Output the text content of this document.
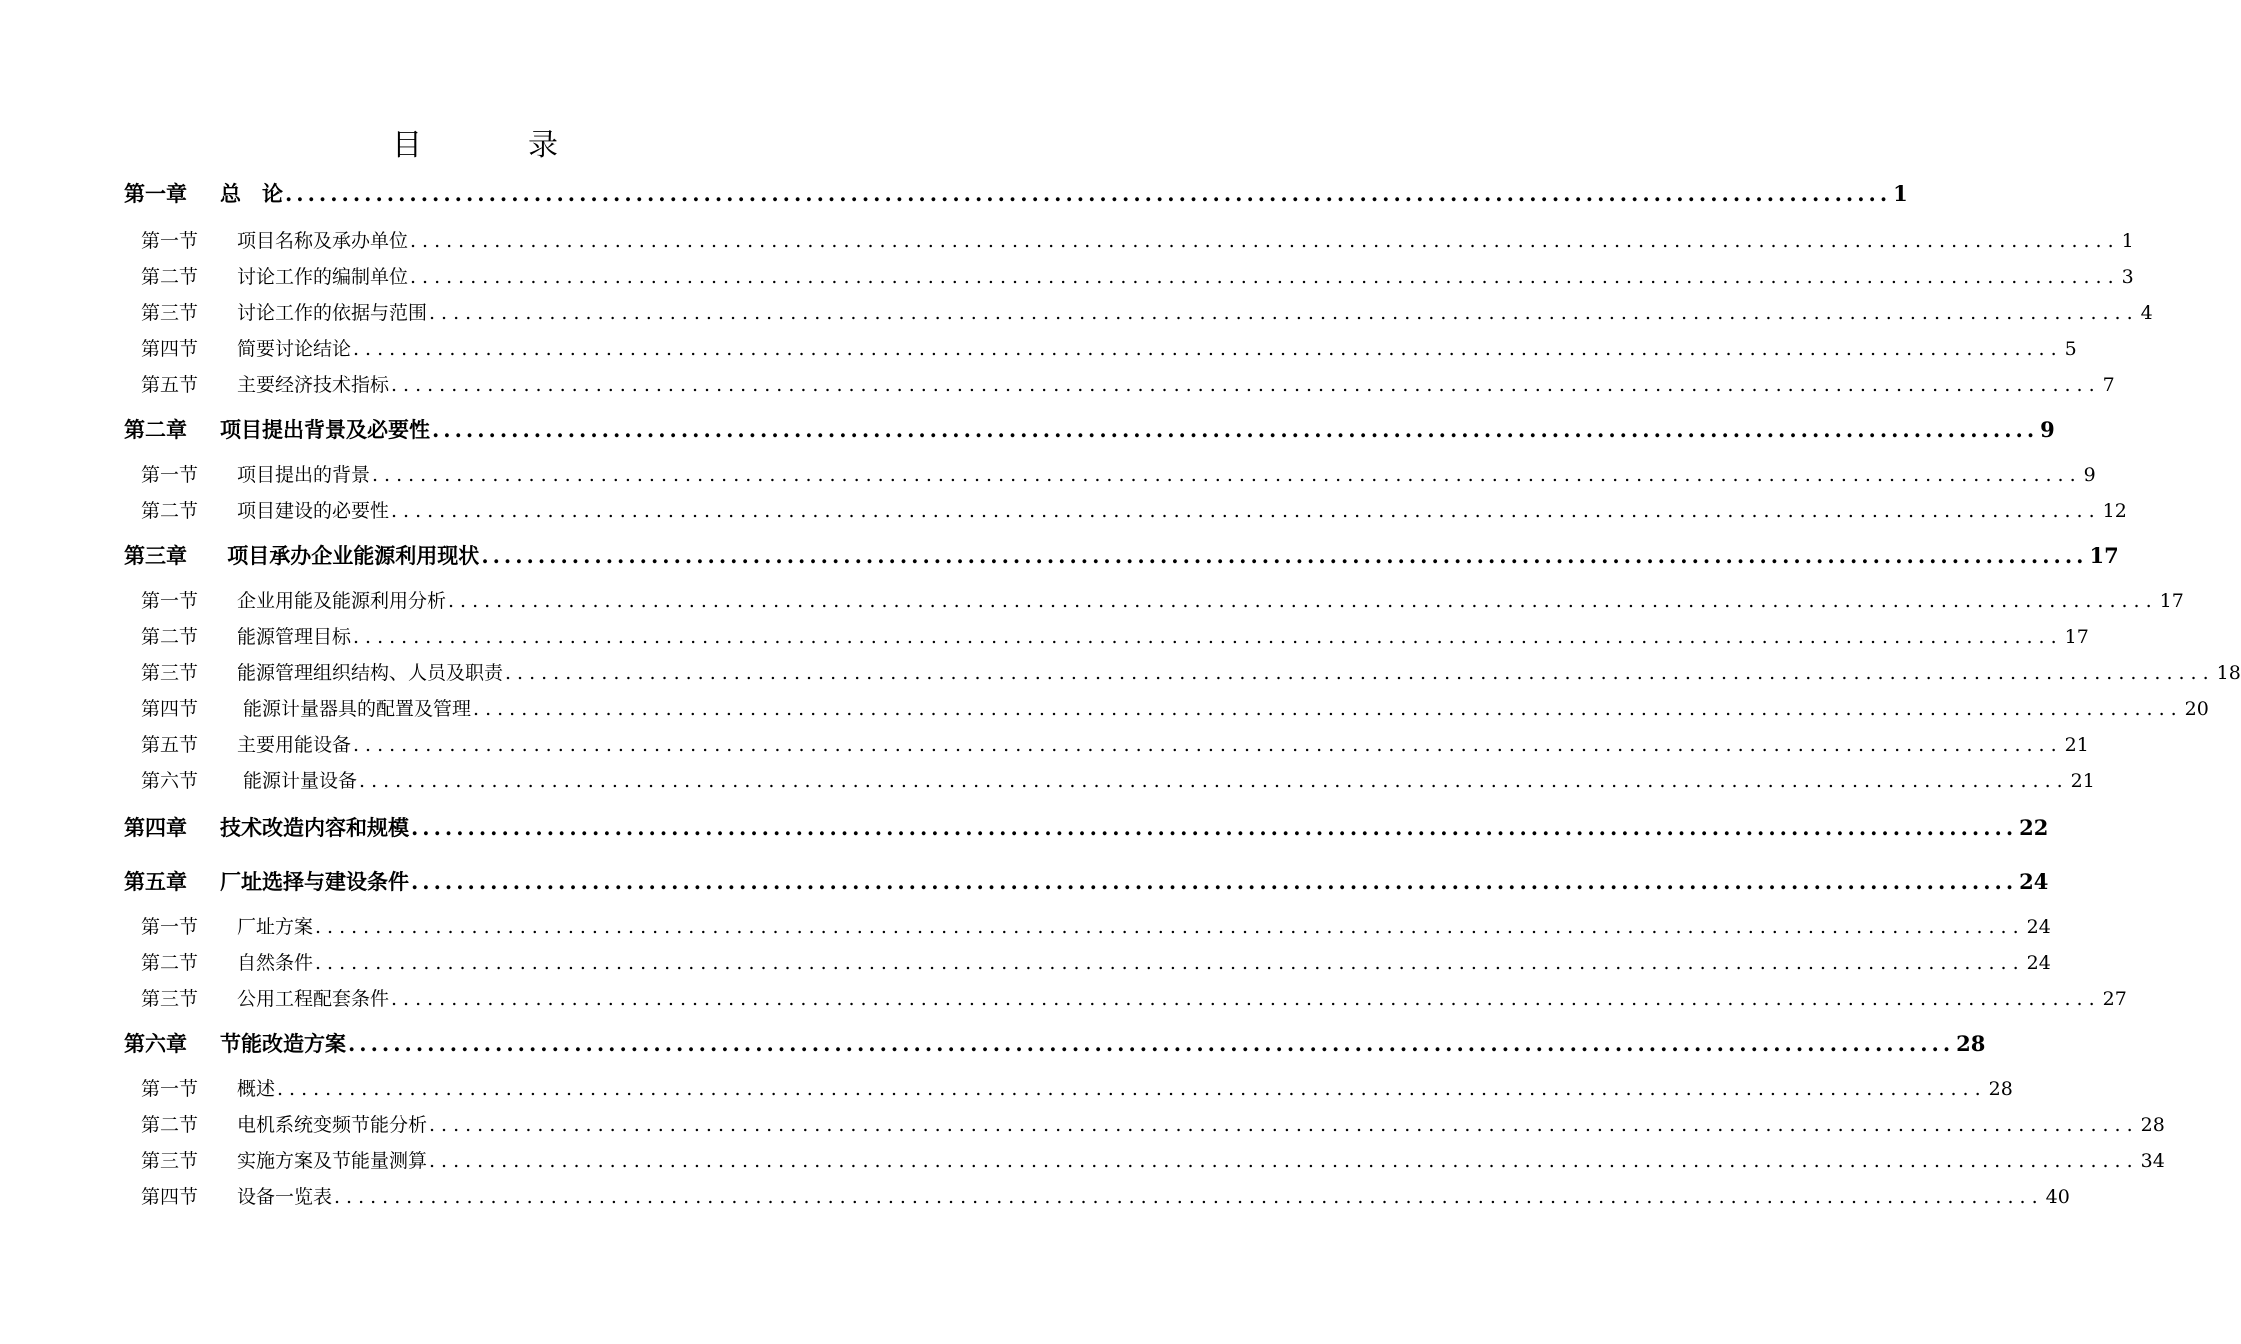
目　录
第一章 总　论 .............................................................................................................................................. 1
第一节 项目名称及承办单位 .............................................................................................................................................. 1
第二节 讨论工作的编制单位 .............................................................................................................................................. 3
第三节 讨论工作的依据与范围 .............................................................................................................................................. 4
第四节 简要讨论结论 .............................................................................................................................................. 5
第五节 主要经济技术指标 .............................................................................................................................................. 7
第二章 项目提出背景及必要性 .............................................................................................................................................. 9
第一节 项目提出的背景 .............................................................................................................................................. 9
第二节 项目建设的必要性 .............................................................................................................................................. 12
第三章 项目承办企业能源利用现状 .............................................................................................................................................. 17
第一节 企业用能及能源利用分析 .............................................................................................................................................. 17
第二节 能源管理目标 .............................................................................................................................................. 17
第三节 能源管理组织结构、人员及职责 .............................................................................................................................................. 18
第四节 能源计量器具的配置及管理 .............................................................................................................................................. 20
第五节 主要用能设备 .............................................................................................................................................. 21
第六节 能源计量设备 .............................................................................................................................................. 21
第四章 技术改造内容和规模 .............................................................................................................................................. 22
第五章 厂址选择与建设条件 .............................................................................................................................................. 24
第一节 厂址方案 .............................................................................................................................................. 24
第二节 自然条件 .............................................................................................................................................. 24
第三节 公用工程配套条件 .............................................................................................................................................. 27
第六章 节能改造方案 .............................................................................................................................................. 28
第一节 概述 .............................................................................................................................................. 28
第二节 电机系统变频节能分析 .............................................................................................................................................. 28
第三节 实施方案及节能量测算 .............................................................................................................................................. 34
第四节 设备一览表 .............................................................................................................................................. 40
